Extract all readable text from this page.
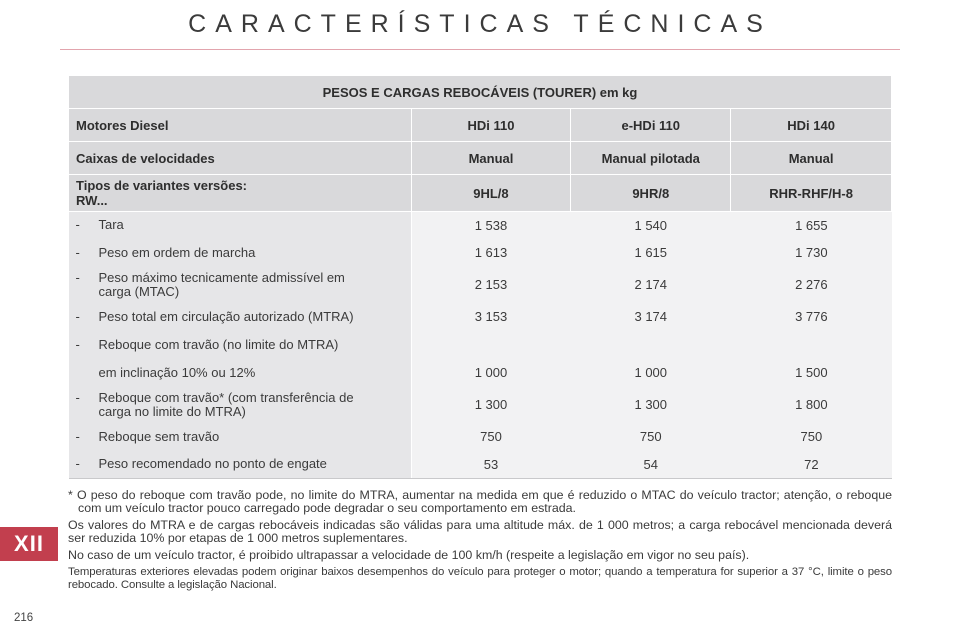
CARACTERÍSTICAS TÉCNICAS
PESOS E CARGAS REBOCÁVEIS (TOURER) em kg			
Motores Diesel	HDi 110	e-HDi 110	HDi 140
Caixas de velocidades	Manual	Manual pilotada	Manual

Tipos de variantes versões:
RW...	9HL/8	9HR/8	RHR-RHF/H-8

- Tara	1 538	1 540	1 655

- Peso em ordem de marcha	1 613	1 615	1 730

- Peso máximo tecnicamente admissível em
carga (MTAC)	2 153	2 174	2 276

- Peso total em circulação autorizado (MTRA)	3 153	3 174	3 776

- Reboque com travão (no limite do MTRA)			

em inclinação 10% ou 12%	1 000	1 000	1 500

- Reboque com travão* (com transferência de
carga no limite do MTRA)	1 300	1 300	1 800

- Reboque sem travão	750	750	750

- Peso recomendado no ponto de engate	53	54	72

* O peso do reboque com travão pode, no limite do MTRA, aumentar na medida em que é reduzido o MTAC do veículo tractor; atenção, o reboque com um veículo tractor pouco carregado pode degradar o seu comportamento em estrada.

Os valores do MTRA e de cargas rebocáveis indicadas são válidas para uma altitude máx. de 1 000 metros; a carga rebocável mencionada deverá ser reduzida 10% por etapas de 1 000 metros suplementares.

No caso de um veículo tractor, é proibido ultrapassar a velocidade de 100 km/h (respeite a legislação em vigor no seu país).

Temperaturas exteriores elevadas podem originar baixos desempenhos do veículo para proteger o motor; quando a temperatura for superior a 37 °C, limite o peso rebocado. Consulte a legislação Nacional.

XII
216
